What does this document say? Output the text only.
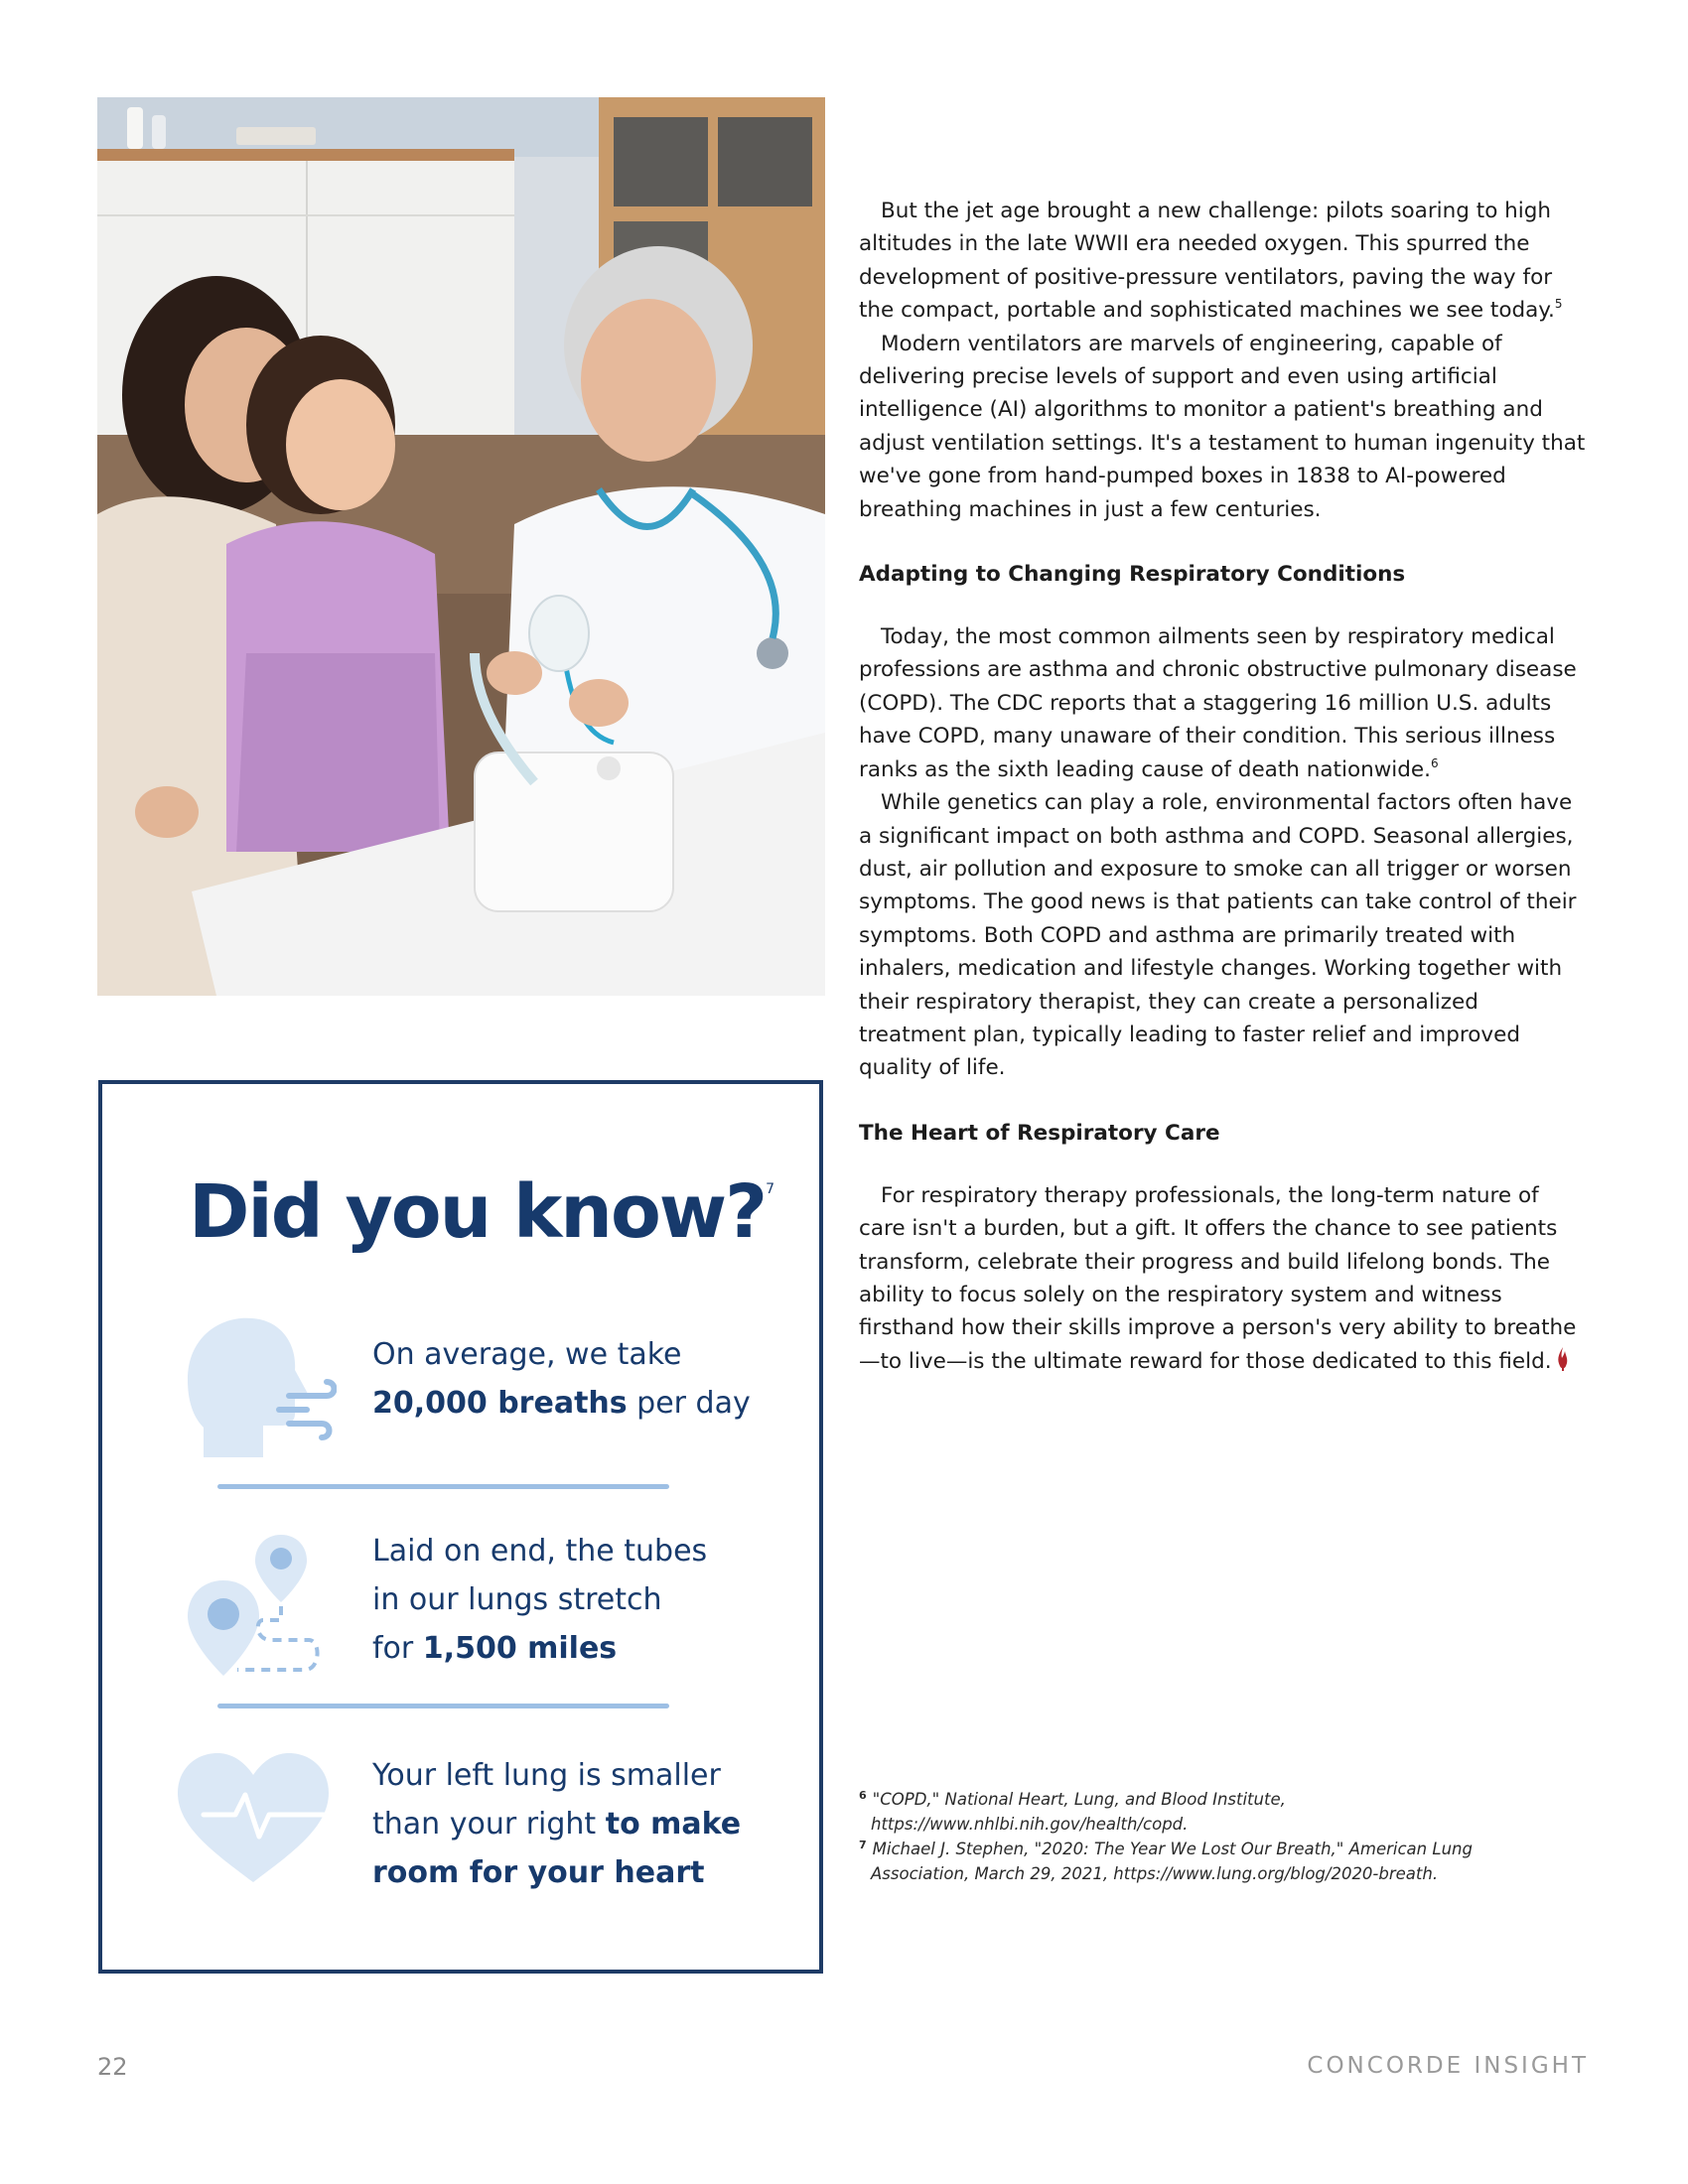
But the jet age brought a new challenge: pilots soaring to high altitudes in the late WWII era needed oxygen. This spurred the development of positive-pressure ventilators, paving the way for the compact, portable and sophisticated machines we see today.$^5$

Modern ventilators are marvels of engineering, capable of delivering precise levels of support and even using artificial intelligence (AI) algorithms to monitor a patient's breathing and adjust ventilation settings. It's a testament to human ingenuity that we've gone from hand-pumped boxes in 1838 to AI-powered breathing machines in just a few centuries.

Adapting to Changing Respiratory Conditions

Today, the most common ailments seen by respiratory medical professions are asthma and chronic obstructive pulmonary disease (COPD). The CDC reports that a staggering 16 million U.S. adults have COPD, many unaware of their condition. This serious illness ranks as the sixth leading cause of death nationwide.$^6$

While genetics can play a role, environmental factors often have a significant impact on both asthma and COPD. Seasonal allergies, dust, air pollution and exposure to smoke can all trigger or worsen symptoms. The good news is that patients can take control of their symptoms. Both COPD and asthma are primarily treated with inhalers, medication and lifestyle changes. Working together with their respiratory therapist, they can create a personalized treatment plan, typically leading to faster relief and improved quality of life.

The Heart of Respiratory Care

For respiratory therapy professionals, the long-term nature of care isn't a burden, but a gift. It offers the chance to see patients transform, celebrate their progress and build lifelong bonds. The ability to focus solely on the respiratory system and witness firsthand how their skills improve a person's very ability to breathe—to live—is the ultimate reward for those dedicated to this field.

$^6$ "COPD," National Heart, Lung, and Blood Institute,

https://www.nhlbi.nih.gov/health/copd.

$^7$ Michael J. Stephen, "2020: The Year We Lost Our Breath," American Lung

Association, March 29, 2021, https://www.lung.org/blog/2020-breath.

Did you know?$^7$
On average, we take
20,000 breaths per day
Laid on end, the tubes
in our lungs stretch
for 1,500 miles
Your left lung is smaller
than your right to make
room for your heart
22	CONCORDE INSIGHT
